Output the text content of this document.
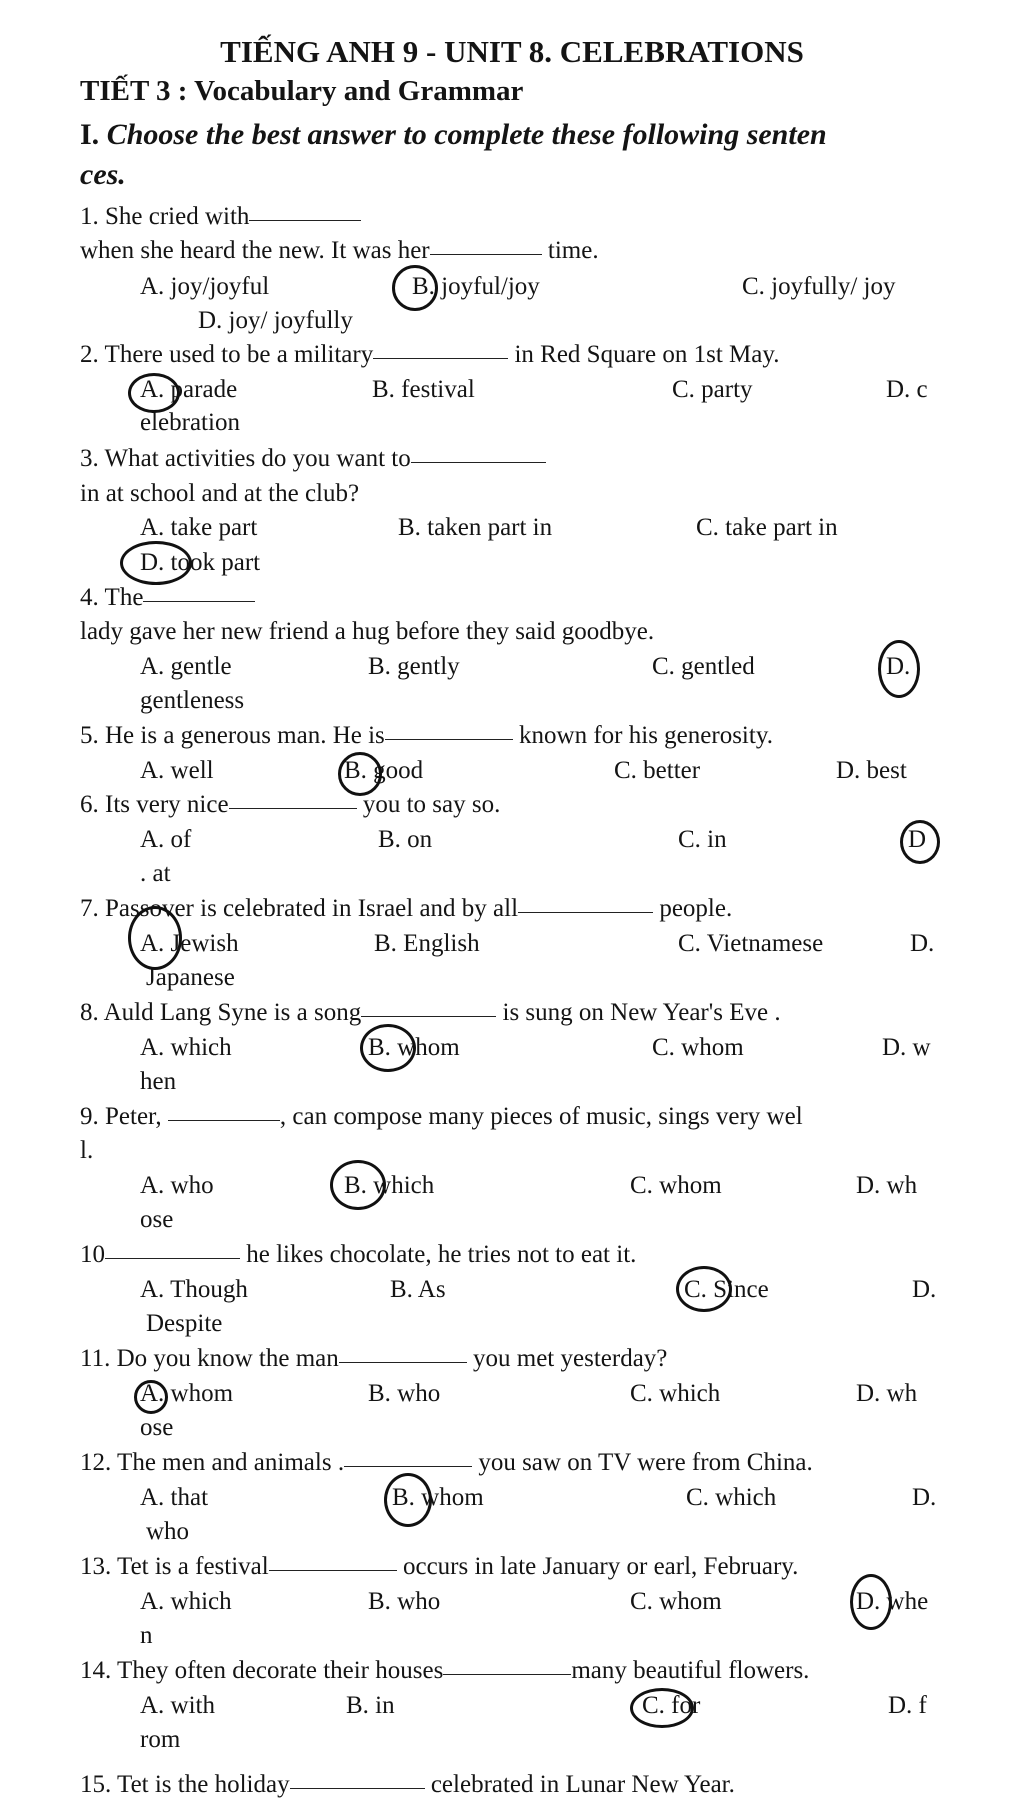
TIẾNG ANH 9 - UNIT 8. CELEBRATIONS
TIẾT 3 : Vocabulary and Grammar
I. Choose the best answer to complete these following senten
ces.
1. She cried with
when she heard the new. It was her	time.
A. joy/joyful	B. joyful/joy	C. joyfully/ joy
D. joy/ joyfully
2. There used to be a military	in Red Square on 1st May.
A. parade	B. festival	C. party	D. c
elebration
3. What activities do you want to
in at school and at the club?
A. take part	B. taken part in	C. take part in
D. took part
4. The
lady gave her new friend a hug before they said goodbye.
A. gentle	B. gently	C. gentled	D.
gentleness
5. He is a generous man. He is	known for his generosity.
A. well	B. good	C. better	D. best
6. Its very nice	you to say so.
A. of	B. on	C. in	D
. at
7. Passover is celebrated in Israel and by all	people.
A. Jewish	B. English	C. Vietnamese	D.
Japanese
8. Auld Lang Syne is a song	is sung on New Year's Eve .
A. which	B. whom	C. whom	D. w
hen
9. Peter,	, can compose many pieces of music, sings very wel
l.
A. who	B. which	C. whom	D. wh
ose
10	he likes chocolate, he tries not to eat it.
A. Though	B. As	C. Since	D.
Despite
11. Do you know the man	you met yesterday?
A. whom	B. who	C. which	D. wh
ose
12. The men and animals .	you saw on TV were from China.
A. that	B. whom	C. which	D.
who
13. Tet is a festival	occurs in late January or earl, February.
A. which	B. who	C. whom	D. whe
n
14. They often decorate their houses	many beautiful flowers.
A. with	B. in	C. for	D. f
rom
15. Tet is the holiday	celebrated in Lunar New Year.
